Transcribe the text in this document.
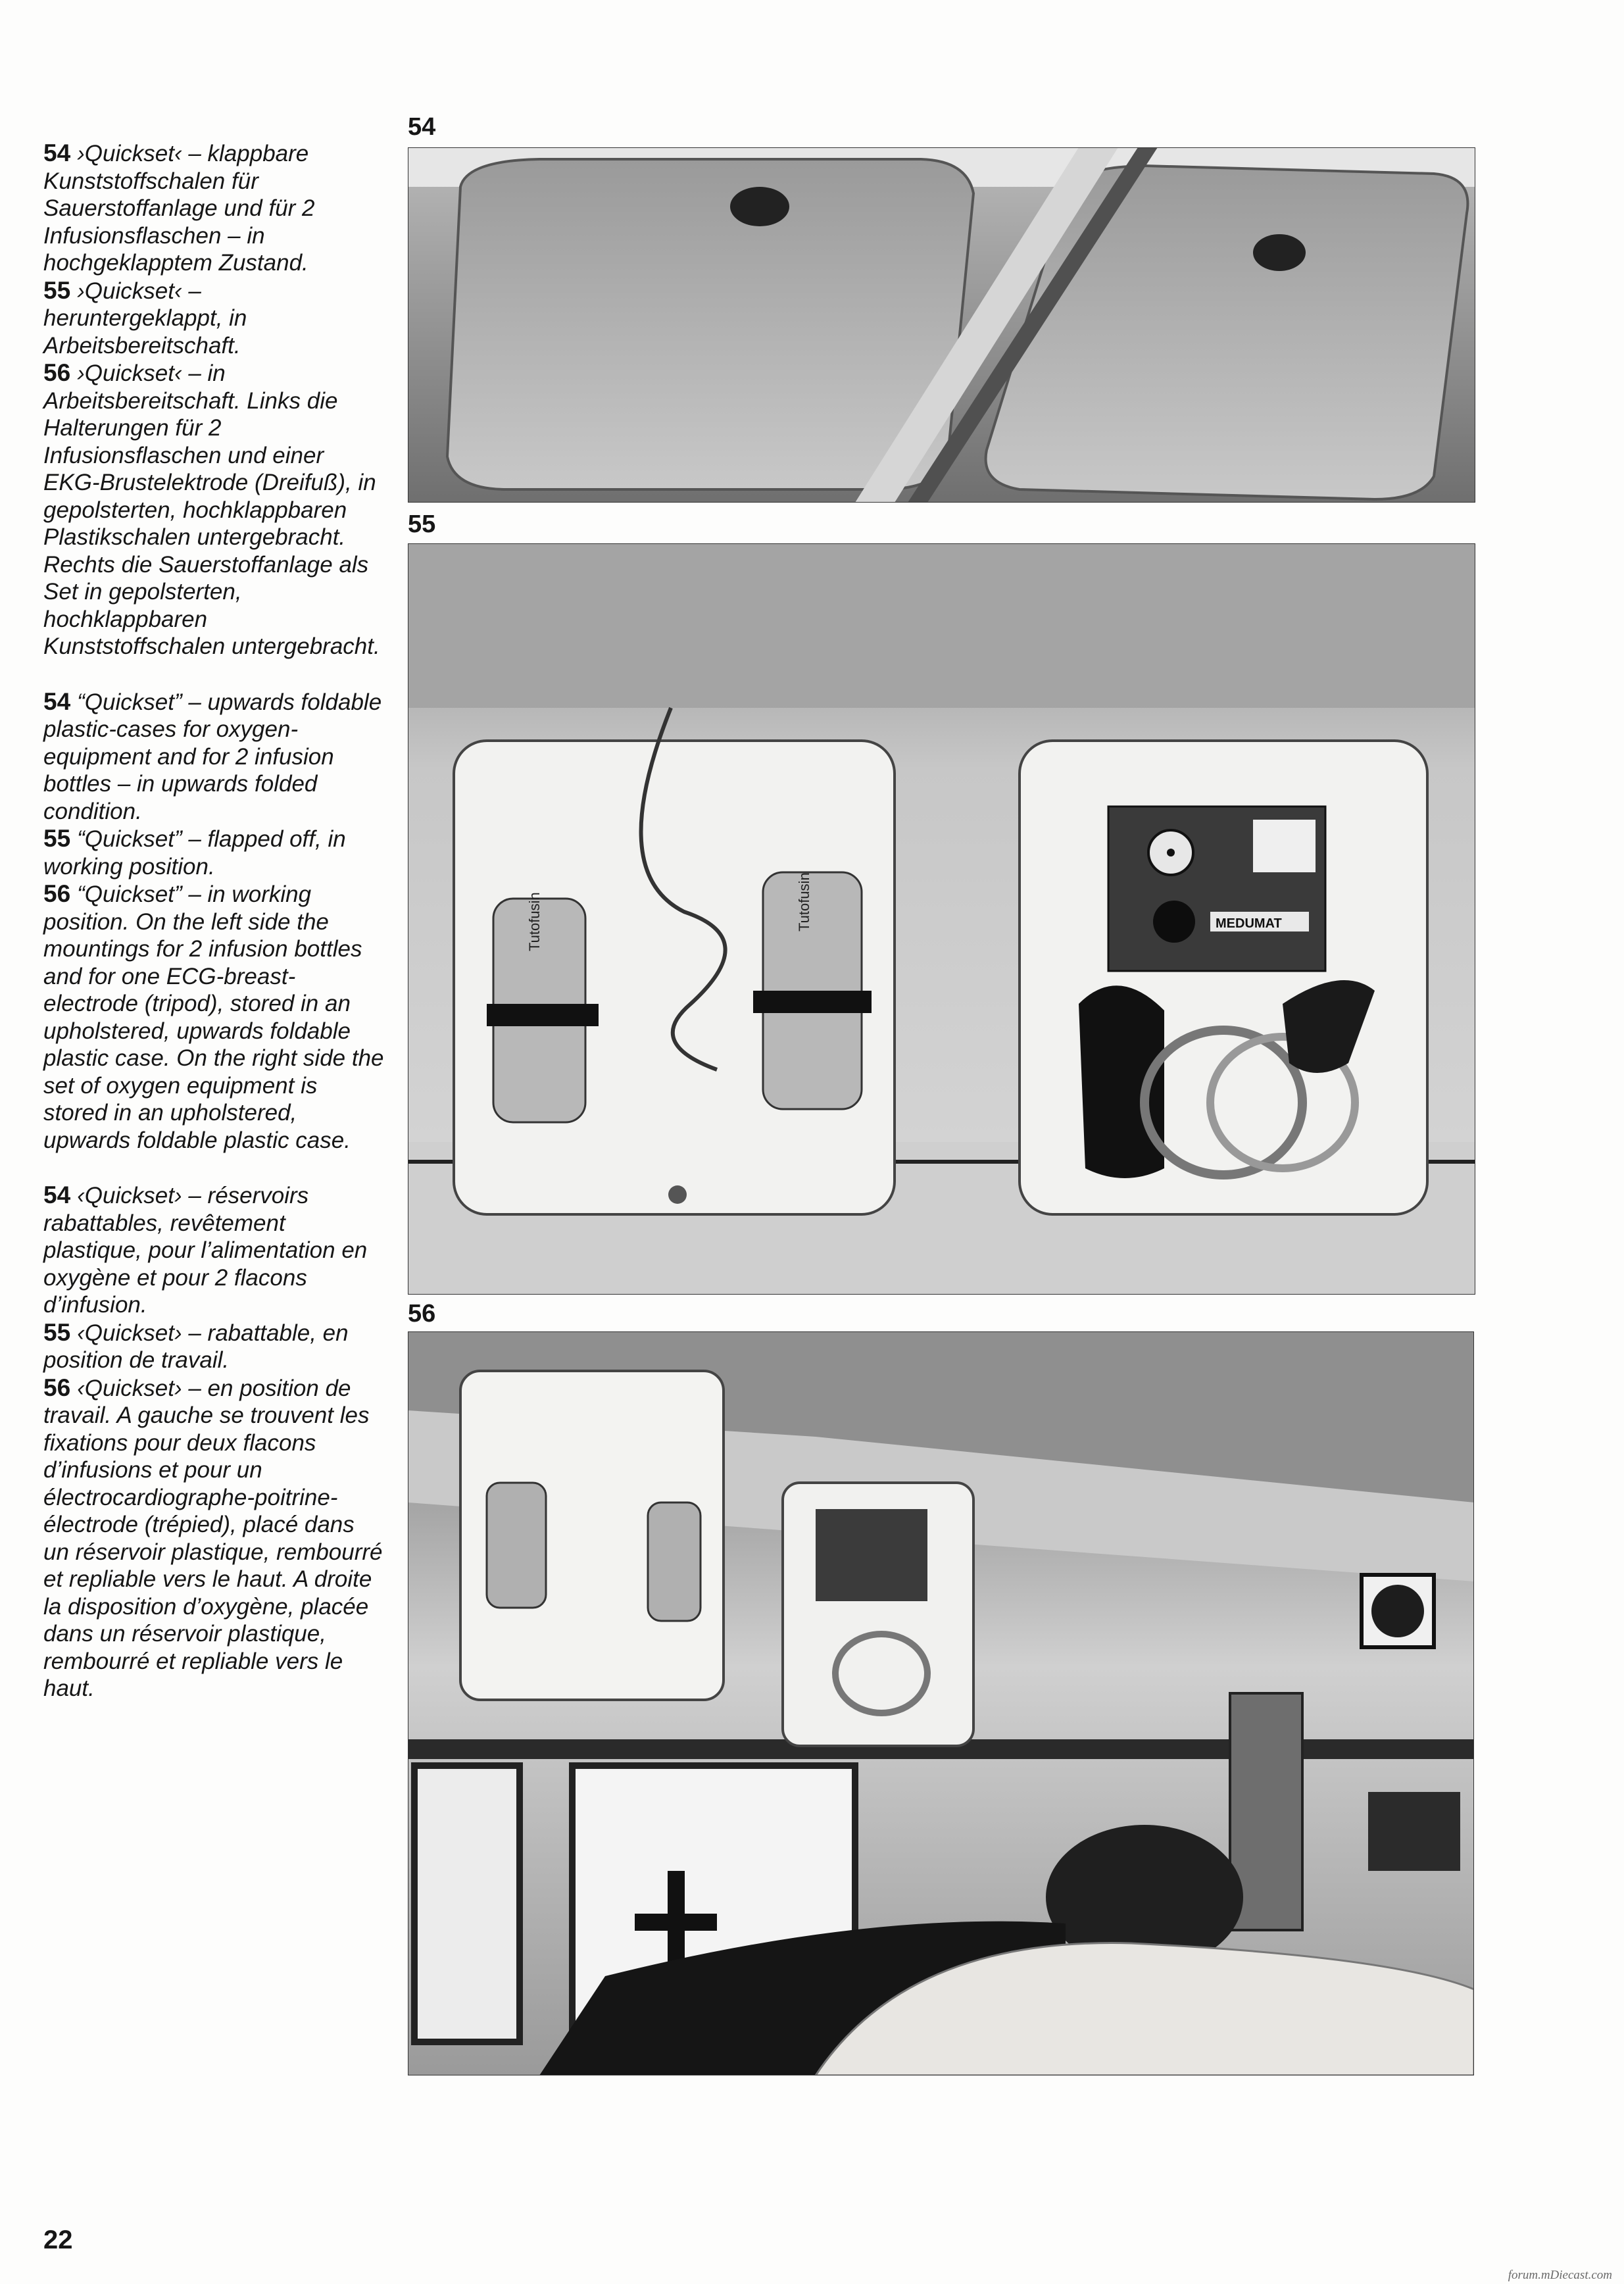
54 ›Quickset‹ – klappbare Kunststoffschalen für Sauerstoffanlage und für 2 Infusionsflaschen – in hochgeklapptem Zustand.

55 ›Quickset‹ – heruntergeklappt, in Arbeitsbereitschaft.

56 ›Quickset‹ – in Arbeitsbereitschaft. Links die Halterungen für 2 Infusionsflaschen und einer EKG-Brustelektrode (Dreifuß), in gepolsterten, hochklappbaren Plastikschalen untergebracht. Rechts die Sauerstoffanlage als Set in gepolsterten, hochklappbaren Kunststoffschalen untergebracht.

54 “Quickset” – upwards foldable plastic-cases for oxygen-equipment and for 2 infusion bottles – in upwards folded condition.

55 “Quickset” – flapped off, in working position.

56 “Quickset” – in working position. On the left side the mountings for 2 infusion bottles and for one ECG-breast-electrode (tripod), stored in an upholstered, upwards foldable plastic case. On the right side the set of oxygen equipment is stored in an upholstered, upwards foldable plastic case.

54 ‹Quickset› – réservoirs rabattables, revêtement plastique, pour l’alimentation en oxygène et pour 2 flacons d’infusion.

55 ‹Quickset› – rabattable, en position de travail.

56 ‹Quickset› – en position de travail. A gauche se trouvent les fixations pour deux flacons d’infusions et pour un électrocardiographe-poitrine-électrode (trépied), placé dans un réservoir plastique, rembourré et repliable vers le haut. A droite la disposition d’oxygène, placée dans un réservoir plastique, rembourré et repliable vers le haut.

54
55
Tutofusin	Tutofusin	MEDUMAT
56
22
forum.mDiecast.com
